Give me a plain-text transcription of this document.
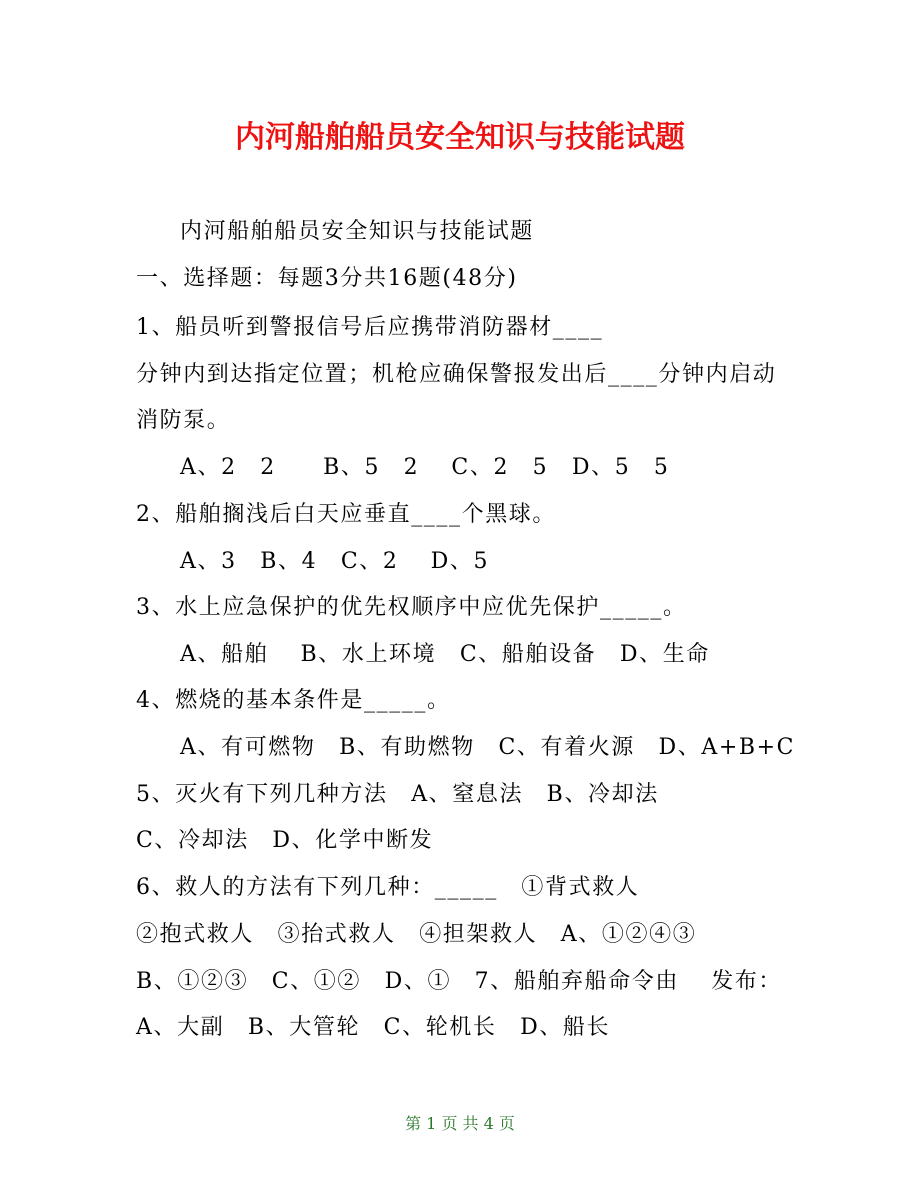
内河船舶船员安全知识与技能试题
内河船舶船员安全知识与技能试题
一、选择题：每题3分共16题(48分)
1、船员听到警报信号后应携带消防器材____
分钟内到达指定位置；机枪应确保警报发出后____分钟内启动
消防泵。
A、2　2　　B、5　2　 C、2　5　D、5　5
2、船舶搁浅后白天应垂直____个黑球。
A、3　B、4　C、2　 D、5
3、水上应急保护的优先权顺序中应优先保护_____。
A、船舶　 B、水上环境　C、船舶设备　D、生命
4、燃烧的基本条件是_____。
A、有可燃物　B、有助燃物　C、有着火源　D、A+B+C
5、灭火有下列几种方法　A、窒息法　B、冷却法
C、冷却法　D、化学中断发
6、救人的方法有下列几种：_____　①背式救人
②抱式救人　③抬式救人　④担架救人　A、①②④③
B、①②③　C、①②　D、①　7、船舶弃船命令由　 发布：
A、大副　B、大管轮　C、轮机长　D、船长
第 1 页 共 4 页
